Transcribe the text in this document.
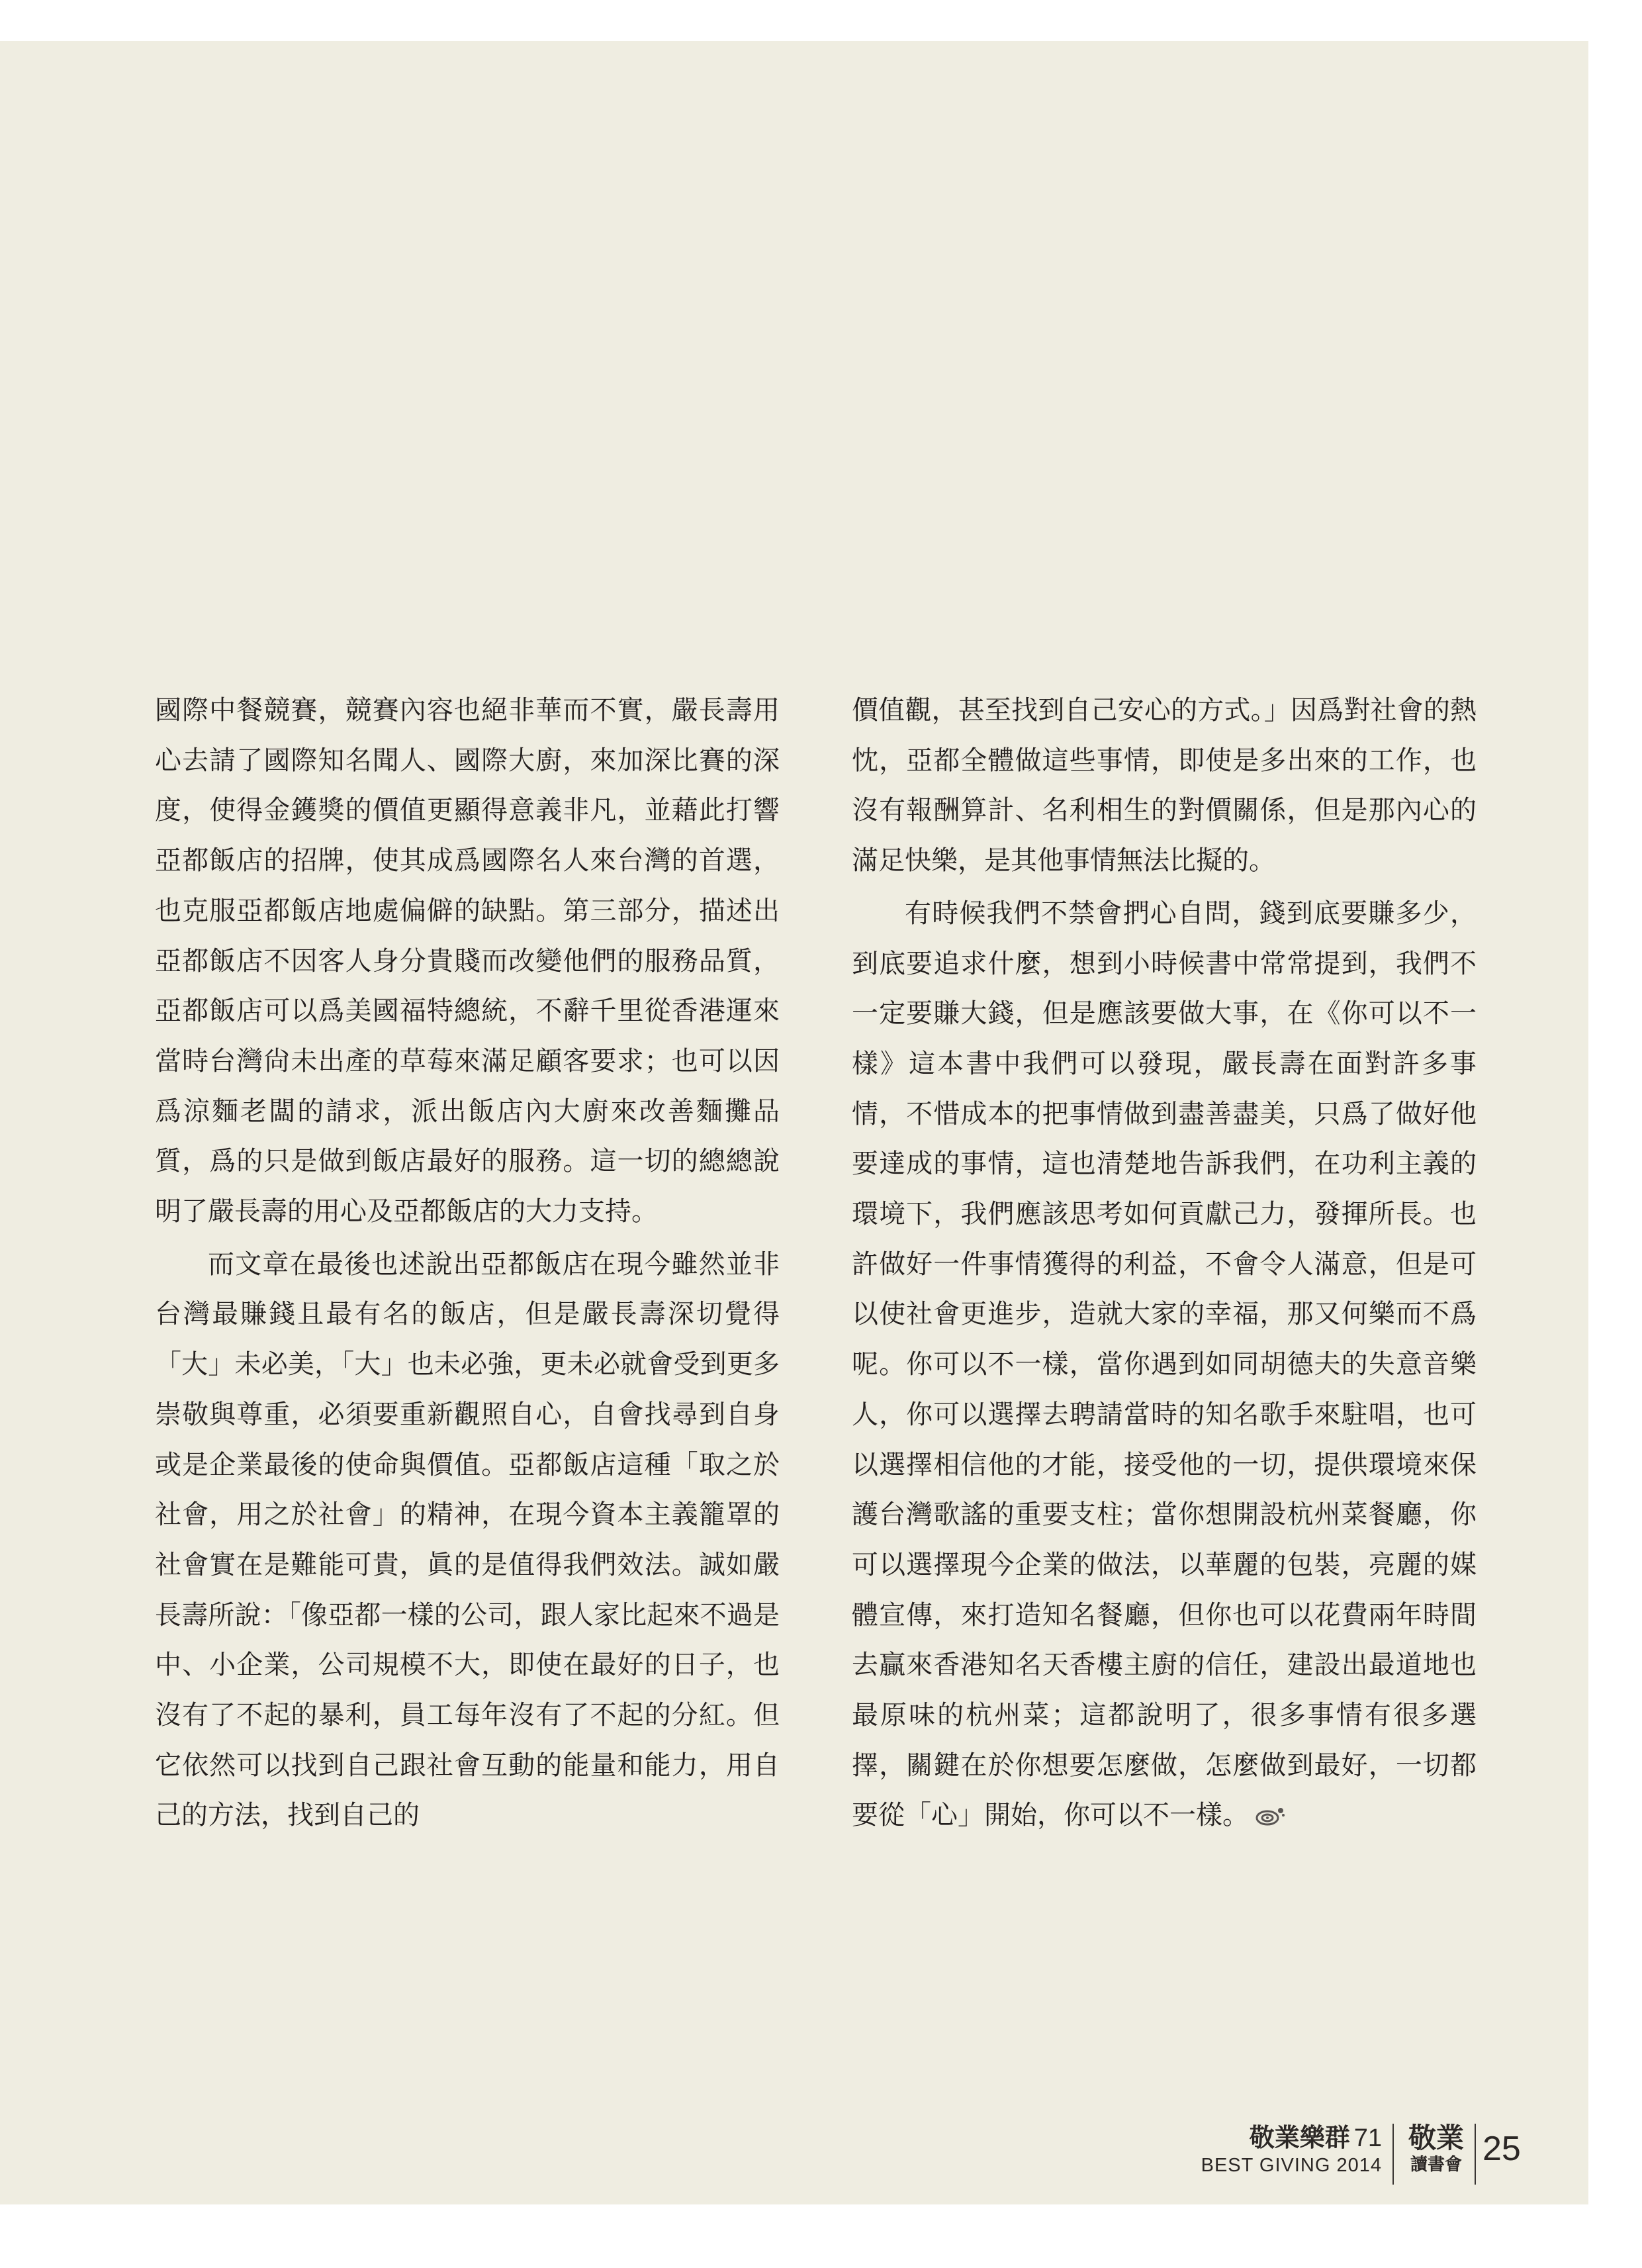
國際中餐競賽，競賽內容也絕非華而不實，嚴長壽用心去請了國際知名聞人、國際大廚，來加深比賽的深度，使得金鑊獎的價值更顯得意義非凡，並藉此打響亞都飯店的招牌，使其成爲國際名人來台灣的首選，也克服亞都飯店地處偏僻的缺點。第三部分，描述出亞都飯店不因客人身分貴賤而改變他們的服務品質，亞都飯店可以爲美國福特總統，不辭千里從香港運來當時台灣尙未出產的草莓來滿足顧客要求；也可以因爲涼麵老闆的請求，派出飯店內大廚來改善麵攤品質，爲的只是做到飯店最好的服務。這一切的總總說明了嚴長壽的用心及亞都飯店的大力支持。

而文章在最後也述說出亞都飯店在現今雖然並非台灣最賺錢且最有名的飯店，但是嚴長壽深切覺得「大」未必美，「大」也未必強，更未必就會受到更多崇敬與尊重，必須要重新觀照自心，自會找尋到自身或是企業最後的使命與價值。亞都飯店這種「取之於社會，用之於社會」的精神，在現今資本主義籠罩的社會實在是難能可貴，眞的是值得我們效法。誠如嚴長壽所說：「像亞都一樣的公司，跟人家比起來不過是中、小企業，公司規模不大，即使在最好的日子，也沒有了不起的暴利，員工每年沒有了不起的分紅。但它依然可以找到自己跟社會互動的能量和能力，用自己的方法，找到自己的

價值觀，甚至找到自己安心的方式。」因爲對社會的熱忱，亞都全體做這些事情，即使是多出來的工作，也沒有報酬算計、名利相生的對價關係，但是那內心的滿足快樂，是其他事情無法比擬的。

有時候我們不禁會捫心自問，錢到底要賺多少，到底要追求什麼，想到小時候書中常常提到，我們不一定要賺大錢，但是應該要做大事，在《你可以不一樣》這本書中我們可以發現，嚴長壽在面對許多事情，不惜成本的把事情做到盡善盡美，只爲了做好他要達成的事情，這也清楚地告訴我們，在功利主義的環境下，我們應該思考如何貢獻己力，發揮所長。也許做好一件事情獲得的利益，不會令人滿意，但是可以使社會更進步，造就大家的幸福，那又何樂而不爲呢。你可以不一樣，當你遇到如同胡德夫的失意音樂人，你可以選擇去聘請當時的知名歌手來駐唱，也可以選擇相信他的才能，接受他的一切，提供環境來保護台灣歌謠的重要支柱；當你想開設杭州菜餐廳，你可以選擇現今企業的做法，以華麗的包裝，亮麗的媒體宣傳，來打造知名餐廳，但你也可以花費兩年時間去贏來香港知名天香樓主廚的信任，建設出最道地也最原味的杭州菜；這都說明了，很多事情有很多選擇，關鍵在於你想要怎麼做，怎麼做到最好，一切都要從「心」開始，你可以不一樣。

敬業樂群 71
BEST GIVING 2014
敬業
讀書會 25
